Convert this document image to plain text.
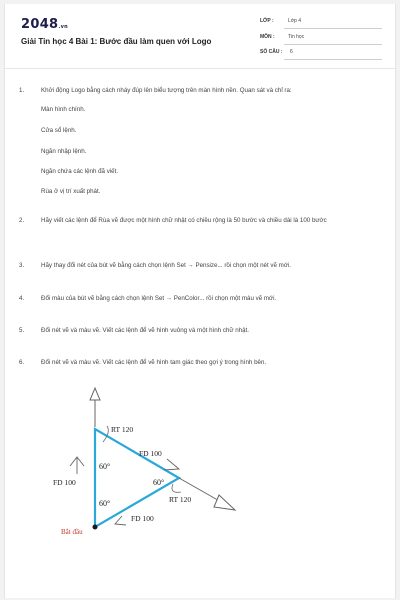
2048.vn
Giải Tin học 4 Bài 1: Bước đầu làm quen với Logo
LỚP :	Lớp 4
MÔN :	Tin học
SỐ CÂU : 6
1.	Khởi động Logo bằng cách nháy đúp lên biểu tượng trên màn hình nền. Quan sát và chỉ ra:
Màn hình chính.
Cửa sổ lệnh.
Ngăn nhập lệnh.
Ngăn chứa các lệnh đã viết.
Rùa ở vị trí xuất phát.
2.	Hãy viết các lệnh để Rùa vẽ được một hình chữ nhật có chiều rộng là 50 bước và chiều dài là 100 bước
3.	Hãy thay đổi nét của bút vẽ bằng cách chọn lệnh Set → Pensize... rồi chọn một nét vẽ mới.
4.	Đổi màu của bút vẽ bằng cách chọn lệnh Set → PenColor... rồi chọn một màu vẽ mới.
5.	Đổi nét vẽ và màu vẽ. Viết các lệnh để vẽ hình vuông và một hình chữ nhật.
6.	Đổi nét vẽ và màu vẽ. Viết các lệnh để vẽ hình tam giác theo gợi ý trong hình bên.
RT 120
FD 100
FD 100
60°
60°
RT 120
60°
FD 100
Bắt đầu
